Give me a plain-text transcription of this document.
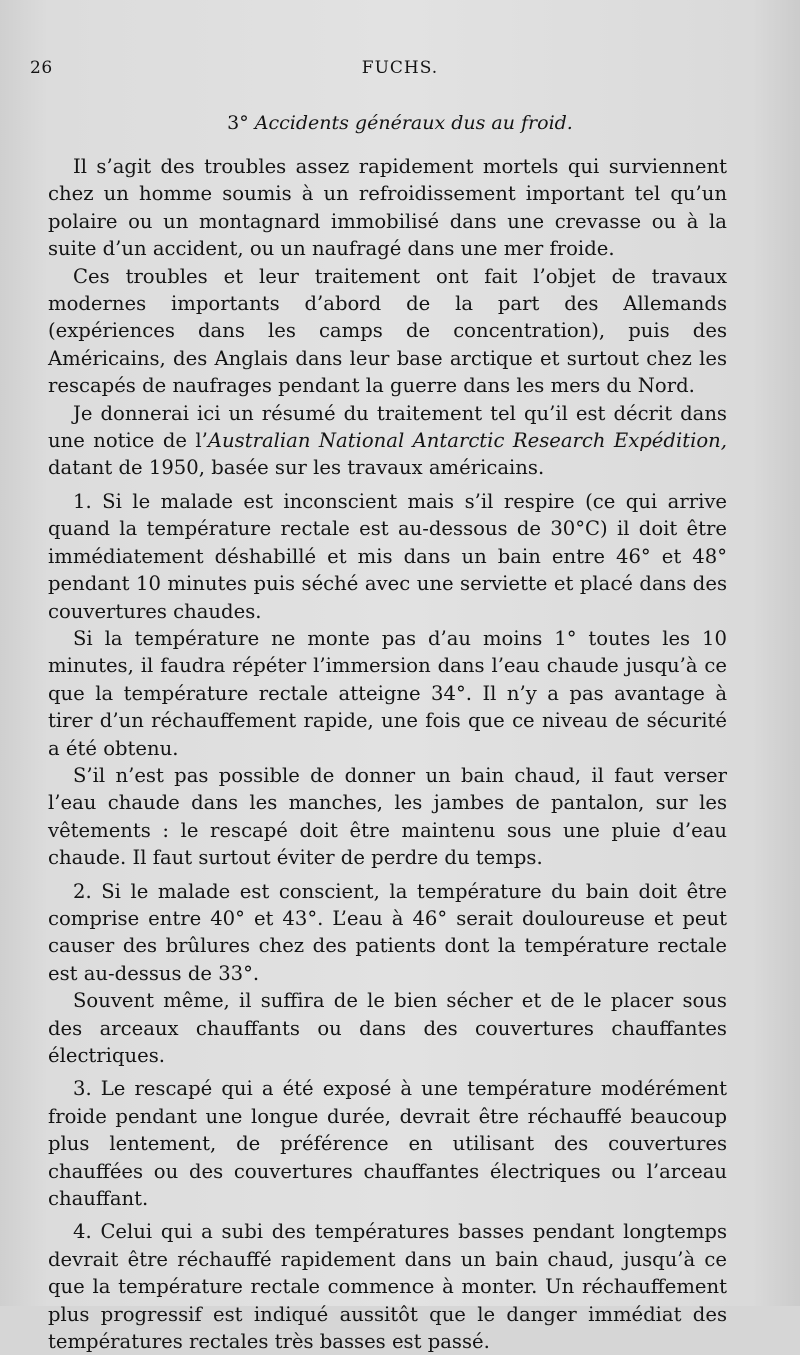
26	FUCHS.
3° Accidents généraux dus au froid.

Il s’agit des troubles assez rapidement mortels qui surviennent chez un homme soumis à un refroidissement important tel qu’un polaire ou un montagnard immobilisé dans une crevasse ou à la suite d’un accident, ou un naufragé dans une mer froide.

Ces troubles et leur traitement ont fait l’objet de travaux modernes importants d’abord de la part des Allemands (expériences dans les camps de concentration), puis des Américains, des Anglais dans leur base arctique et surtout chez les rescapés de naufrages pendant la guerre dans les mers du Nord.

Je donnerai ici un résumé du traitement tel qu’il est décrit dans une notice de l’Australian National Antarctic Research Expédition, datant de 1950, basée sur les travaux américains.

1. Si le malade est inconscient mais s’il respire (ce qui arrive quand la température rectale est au-dessous de 30°C) il doit être immédiatement déshabillé et mis dans un bain entre 46° et 48° pendant 10 minutes puis séché avec une serviette et placé dans des couvertures chaudes.

Si la température ne monte pas d’au moins 1° toutes les 10 minutes, il faudra répéter l’immersion dans l’eau chaude jusqu’à ce que la température rectale atteigne 34°. Il n’y a pas avantage à tirer d’un réchauffement rapide, une fois que ce niveau de sécurité a été obtenu.

S’il n’est pas possible de donner un bain chaud, il faut verser l’eau chaude dans les manches, les jambes de pantalon, sur les vêtements : le rescapé doit être maintenu sous une pluie d’eau chaude. Il faut surtout éviter de perdre du temps.

2. Si le malade est conscient, la température du bain doit être comprise entre 40° et 43°. L’eau à 46° serait douloureuse et peut causer des brûlures chez des patients dont la température rectale est au-dessus de 33°.

Souvent même, il suffira de le bien sécher et de le placer sous des arceaux chauffants ou dans des couvertures chauffantes électriques.

3. Le rescapé qui a été exposé à une température modérément froide pendant une longue durée, devrait être réchauffé beaucoup plus lentement, de préférence en utilisant des couvertures chauffées ou des couvertures chauffantes électriques ou l’arceau chauffant.

4. Celui qui a subi des températures basses pendant longtemps devrait être réchauffé rapidement dans un bain chaud, jusqu’à ce que la température rectale commence à monter. Un réchauffement plus progressif est indiqué aussitôt que le danger immédiat des températures rectales très basses est passé.
